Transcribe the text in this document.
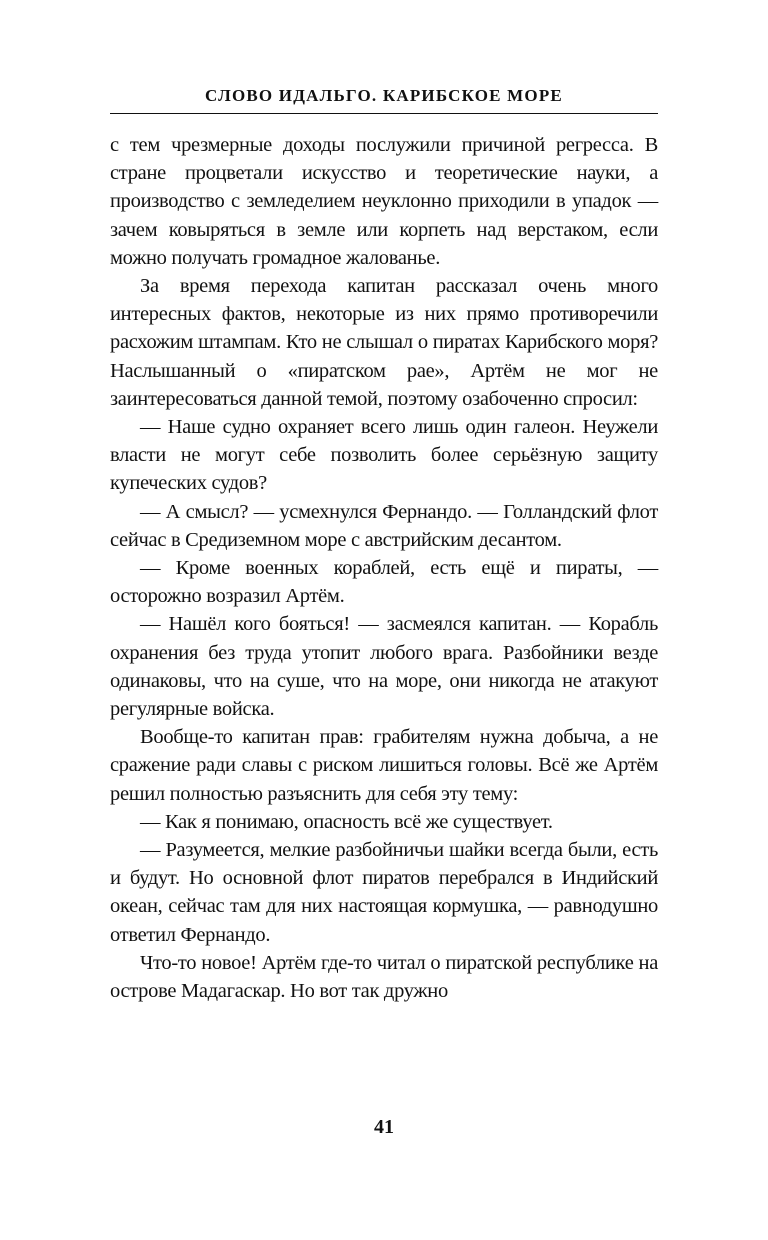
СЛОВО ИДАЛЬГО. КАРИБСКОЕ МОРЕ

с тем чрезмерные доходы послужили причиной регресса. В стране процветали искусство и теоретические науки, а производство с земледелием неуклонно приходили в упадок — зачем ковыряться в земле или корпеть над верстаком, если можно получать громадное жалованье.

За время перехода капитан рассказал очень много интересных фактов, некоторые из них прямо противоречили расхожим штампам. Кто не слышал о пиратах Карибского моря? Наслышанный о «пиратском рае», Артём не мог не заинтересоваться данной темой, поэтому озабоченно спросил:

— Наше судно охраняет всего лишь один галеон. Неужели власти не могут себе позволить более серьёзную защиту купеческих судов?

— А смысл? — усмехнулся Фернандо. — Голландский флот сейчас в Средиземном море с австрийским десантом.

— Кроме военных кораблей, есть ещё и пираты, — осторожно возразил Артём.

— Нашёл кого бояться! — засмеялся капитан. — Корабль охранения без труда утопит любого врага. Разбойники везде одинаковы, что на суше, что на море, они никогда не атакуют регулярные войска.

Вообще-то капитан прав: грабителям нужна добыча, а не сражение ради славы с риском лишиться головы. Всё же Артём решил полностью разъяснить для себя эту тему:

— Как я понимаю, опасность всё же существует.

— Разумеется, мелкие разбойничьи шайки всегда были, есть и будут. Но основной флот пиратов перебрался в Индийский океан, сейчас там для них настоящая кормушка, — равнодушно ответил Фернандо.

Что-то новое! Артём где-то читал о пиратской республике на острове Мадагаскар. Но вот так дружно

41
